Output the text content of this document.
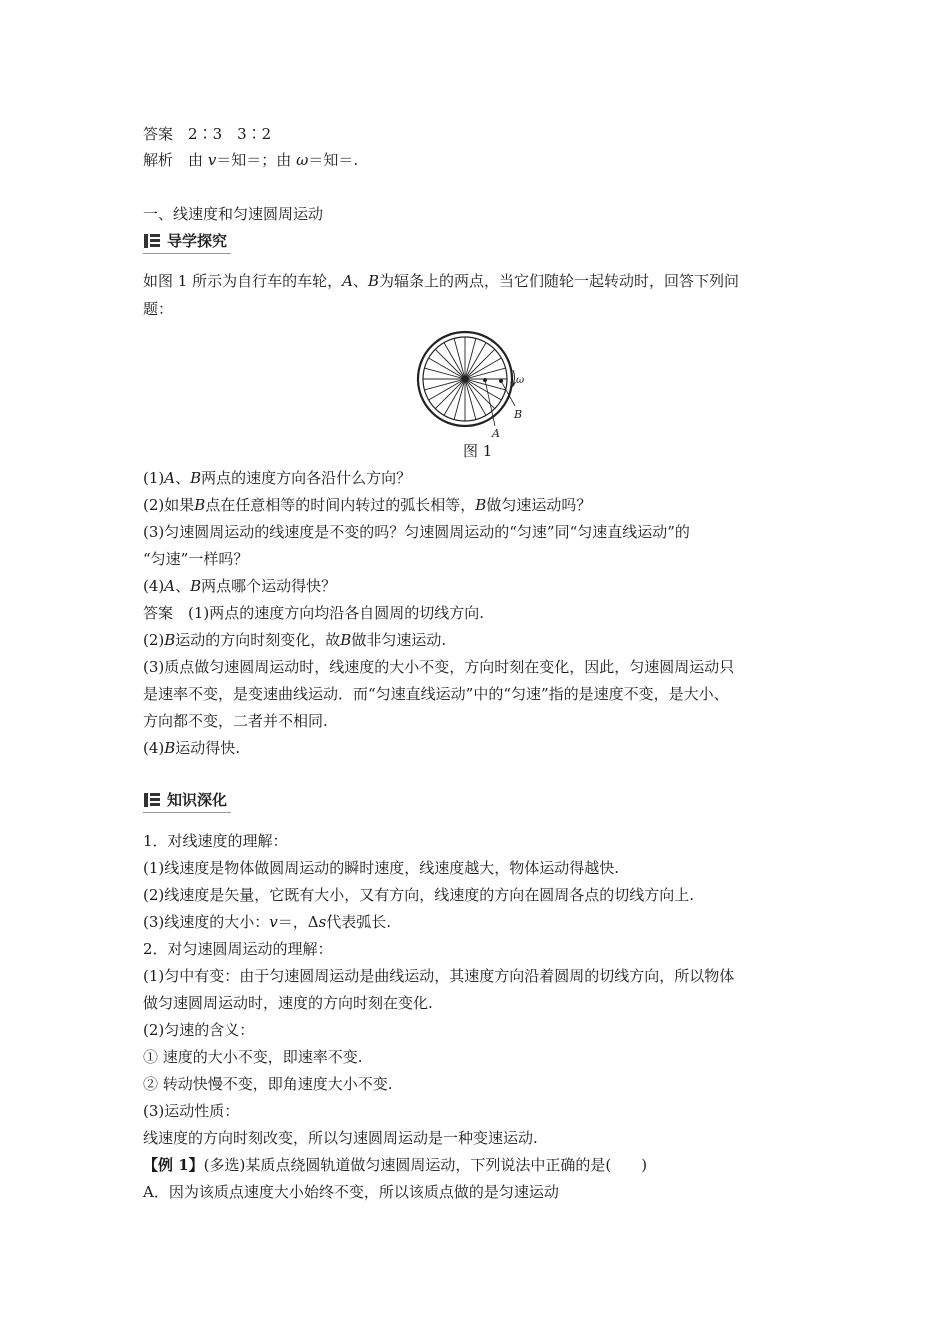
答案　 2∶3　3∶2
解析　 由 v＝知＝；由 ω＝知＝.
一、线速度和匀速圆周运动
导学探究
如图 1 所示为自行车的车轮，A、B为辐条上的两点，当它们随轮一起转动时，回答下列问
题：
ω
A
B
图 1
(1)A、B两点的速度方向各沿什么方向？
(2)如果B点在任意相等的时间内转过的弧长相等，B做匀速运动吗？
(3)匀速圆周运动的线速度是不变的吗？匀速圆周运动的“匀速”同“匀速直线运动”的
“匀速”一样吗？
(4)A、B两点哪个运动得快？
答案　 (1)两点的速度方向均沿各自圆周的切线方向.
(2)B运动的方向时刻变化，故B做非匀速运动.
(3)质点做匀速圆周运动时，线速度的大小不变，方向时刻在变化，因此，匀速圆周运动只
是速率不变，是变速曲线运动．而“匀速直线运动”中的“匀速”指的是速度不变，是大小、
方向都不变，二者并不相同.
(4)B运动得快.
知识深化
1．对线速度的理解：
(1)线速度是物体做圆周运动的瞬时速度，线速度越大，物体运动得越快.
(2)线速度是矢量，它既有大小，又有方向，线速度的方向在圆周各点的切线方向上.
(3)线速度的大小：v＝，Δs代表弧长.
2．对匀速圆周运动的理解：
(1)匀中有变：由于匀速圆周运动是曲线运动，其速度方向沿着圆周的切线方向，所以物体
做匀速圆周运动时，速度的方向时刻在变化.
(2)匀速的含义：
① 速度的大小不变，即速率不变.
② 转动快慢不变，即角速度大小不变.
(3)运动性质：
线速度的方向时刻改变，所以匀速圆周运动是一种变速运动.
【例 1】(多选)某质点绕圆轨道做匀速圆周运动，下列说法中正确的是(　　)
A．因为该质点速度大小始终不变，所以该质点做的是匀速运动
